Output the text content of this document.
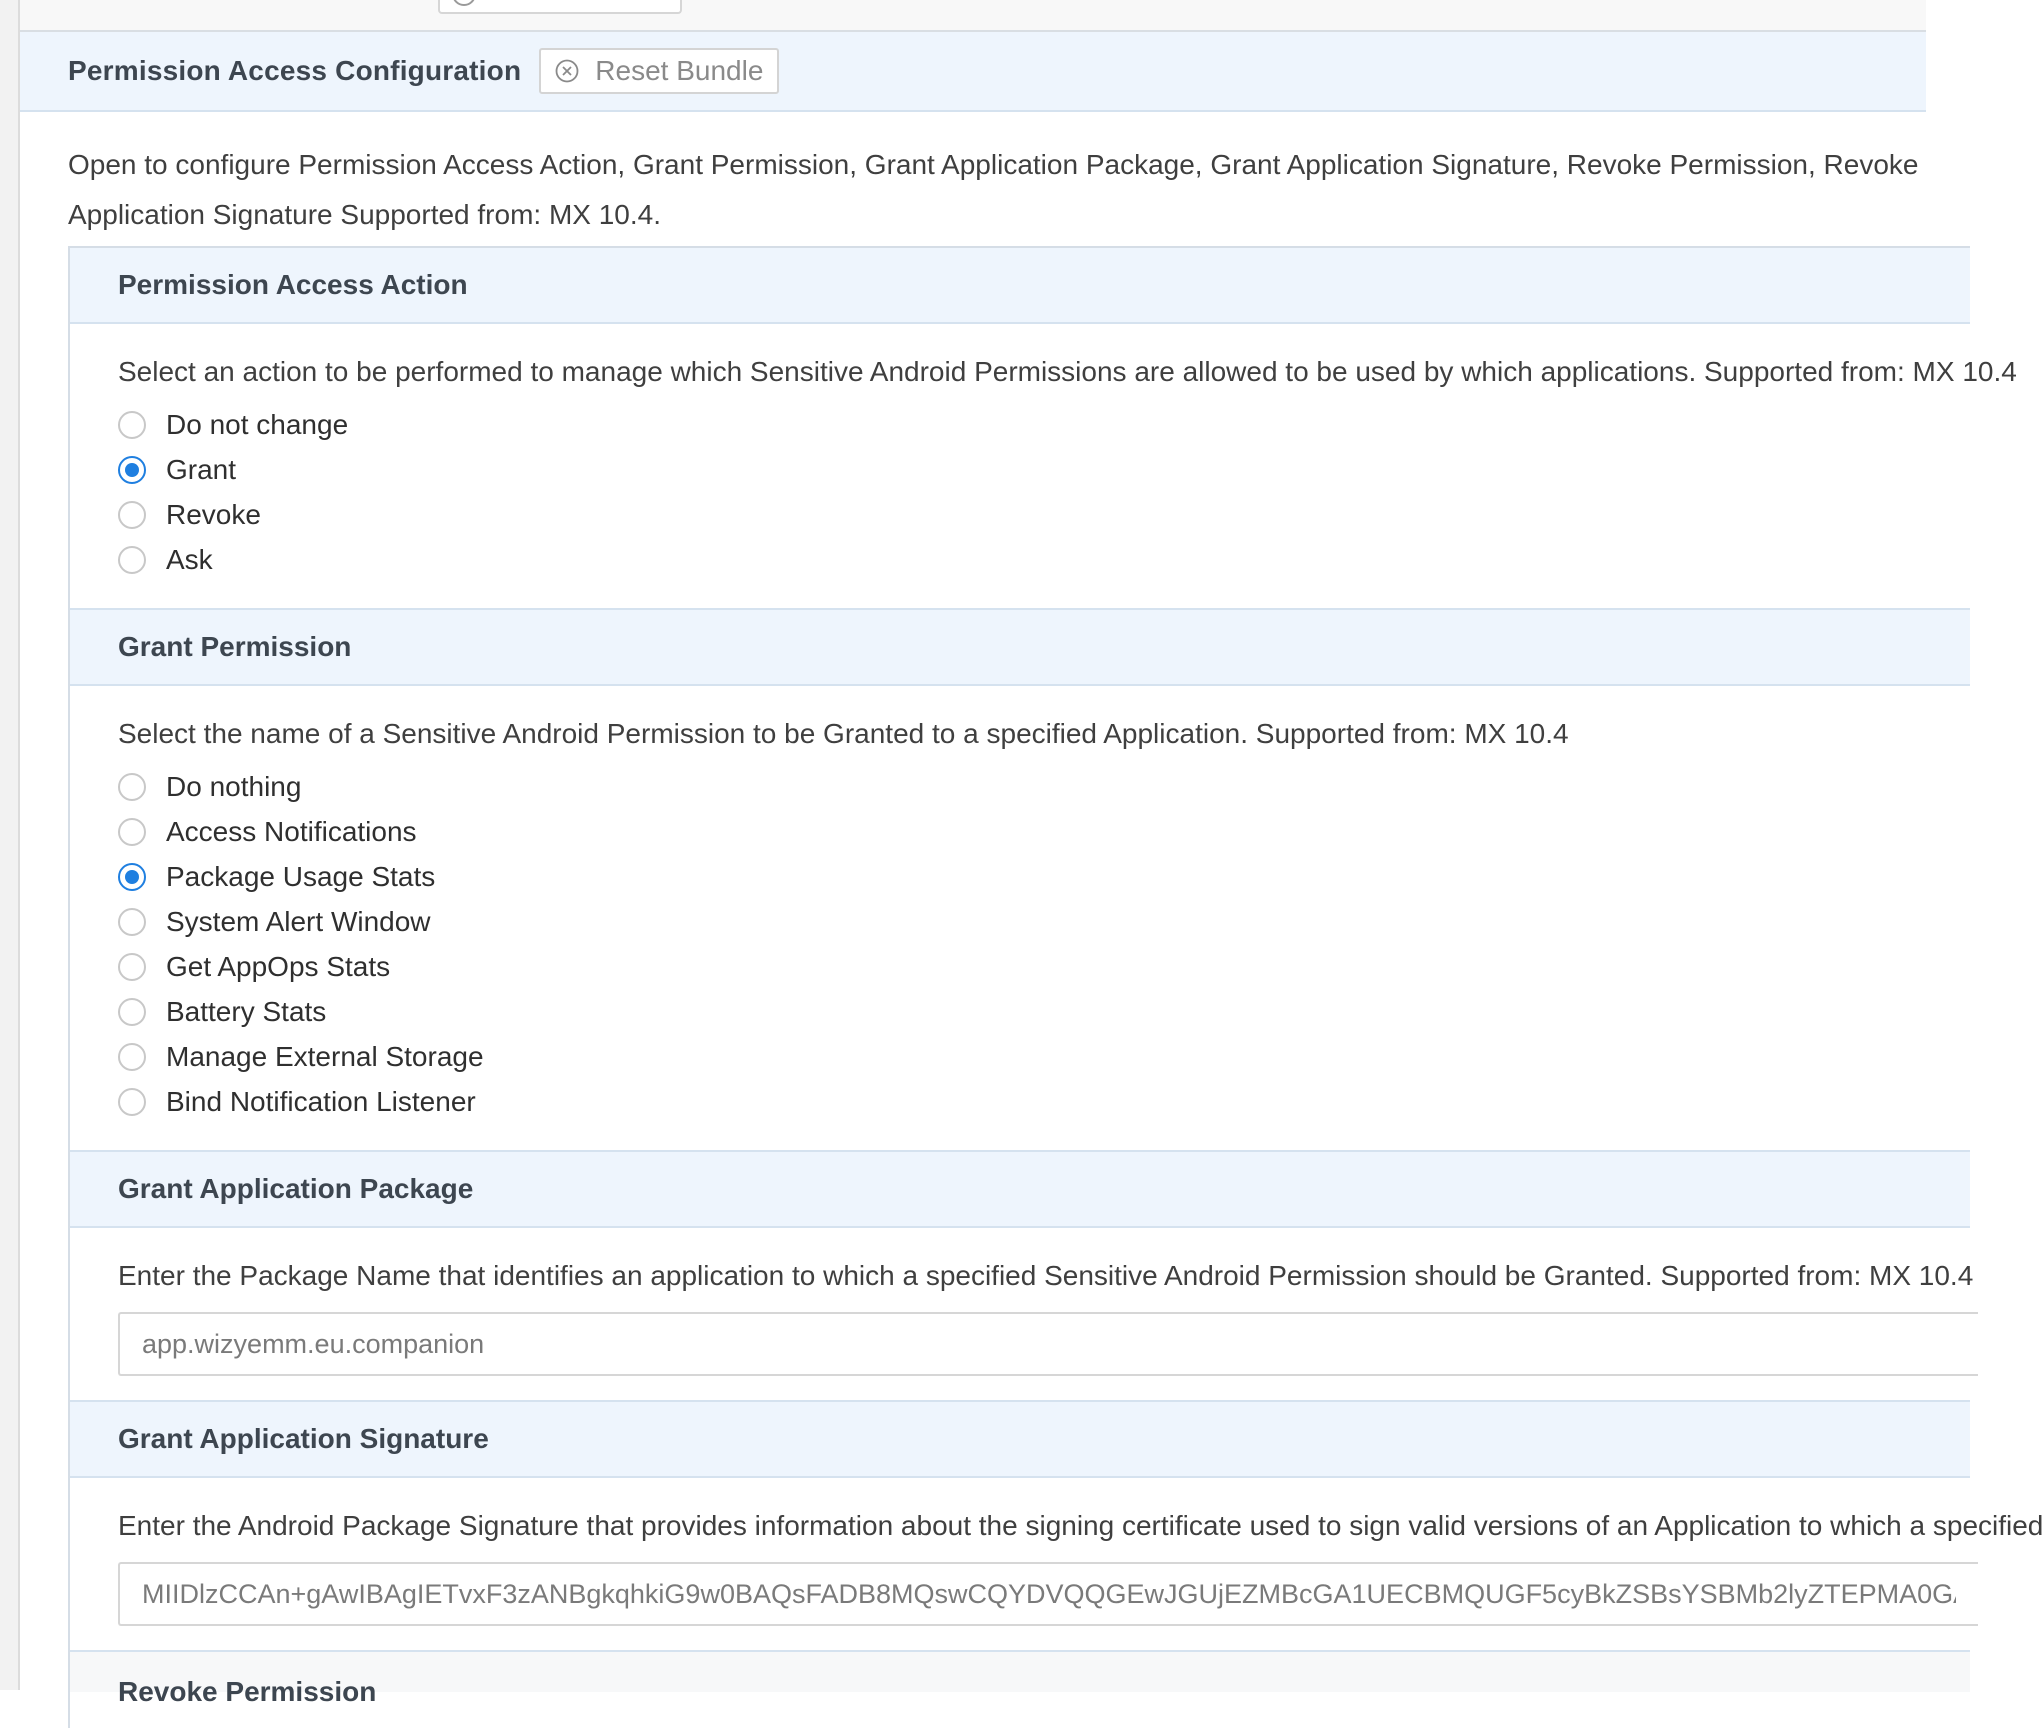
Permission Access Configuration	Reset Bundle
Open to configure Permission Access Action, Grant Permission, Grant Application Package, Grant Application Signature, Revoke Permission, Revoke
Application Signature Supported from: MX 10.4.
Permission Access Action
Select an action to be performed to manage which Sensitive Android Permissions are allowed to be used by which applications. Supported from: MX 10.4
Do not change
Grant
Revoke
Ask
Grant Permission
Select the name of a Sensitive Android Permission to be Granted to a specified Application. Supported from: MX 10.4
Do nothing
Access Notifications
Package Usage Stats
System Alert Window
Get AppOps Stats
Battery Stats
Manage External Storage
Bind Notification Listener
Grant Application Package
Enter the Package Name that identifies an application to which a specified Sensitive Android Permission should be Granted. Supported from: MX 10.4
app.wizyemm.eu.companion
Grant Application Signature
Enter the Android Package Signature that provides information about the signing certificate used to sign valid versions of an Application to which a specified
MIIDlzCCAn+gAwIBAgIETvxF3zANBgkqhkiG9w0BAQsFADB8MQswCQYDVQQGEwJGUjEZMBcGA1UECBMQUGF5cyBkZSBsYSBMb2lyZTEPMA0GA1UEBxMG
Revoke Permission
